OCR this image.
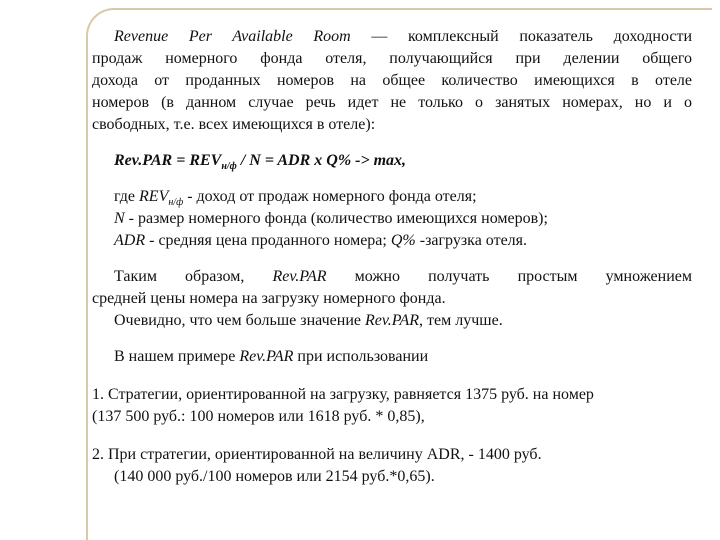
Revenue Per Available Room — комплексный показатель доходности

продаж номерного фонда отеля, получающийся при делении общего

дохода от проданных номеров на общее количество имеющихся в отеле

номеров (в данном случае речь идет не только о занятых номерах, но и о

свободных, т.е. всех имеющихся в отеле):

$Rev.PAR = REV_{н/ф} / N$ = ADR x Q% -> max,

где $REV_{н/ф}$ - доход от продаж номерного фонда отеля;

N - размер номерного фонда (количество имеющихся номеров);

ADR - средняя цена проданного номера; Q% -загрузка отеля.

Таким образом, Rev.PAR можно получать простым умножением

средней цены номера на загрузку номерного фонда.

Очевидно, что чем больше значение Rev.PAR, тем лучше.

В нашем примере Rev.PAR при использовании

1. Стратегии, ориентированной на загрузку, равняется 1375 руб. на номер

(137 500 руб.: 100 номеров или 1618 руб. * 0,85),

2. При стратегии, ориентированной на величину ADR, - 1400 руб.

(140 000 руб./100 номеров или 2154 руб.*0,65).
